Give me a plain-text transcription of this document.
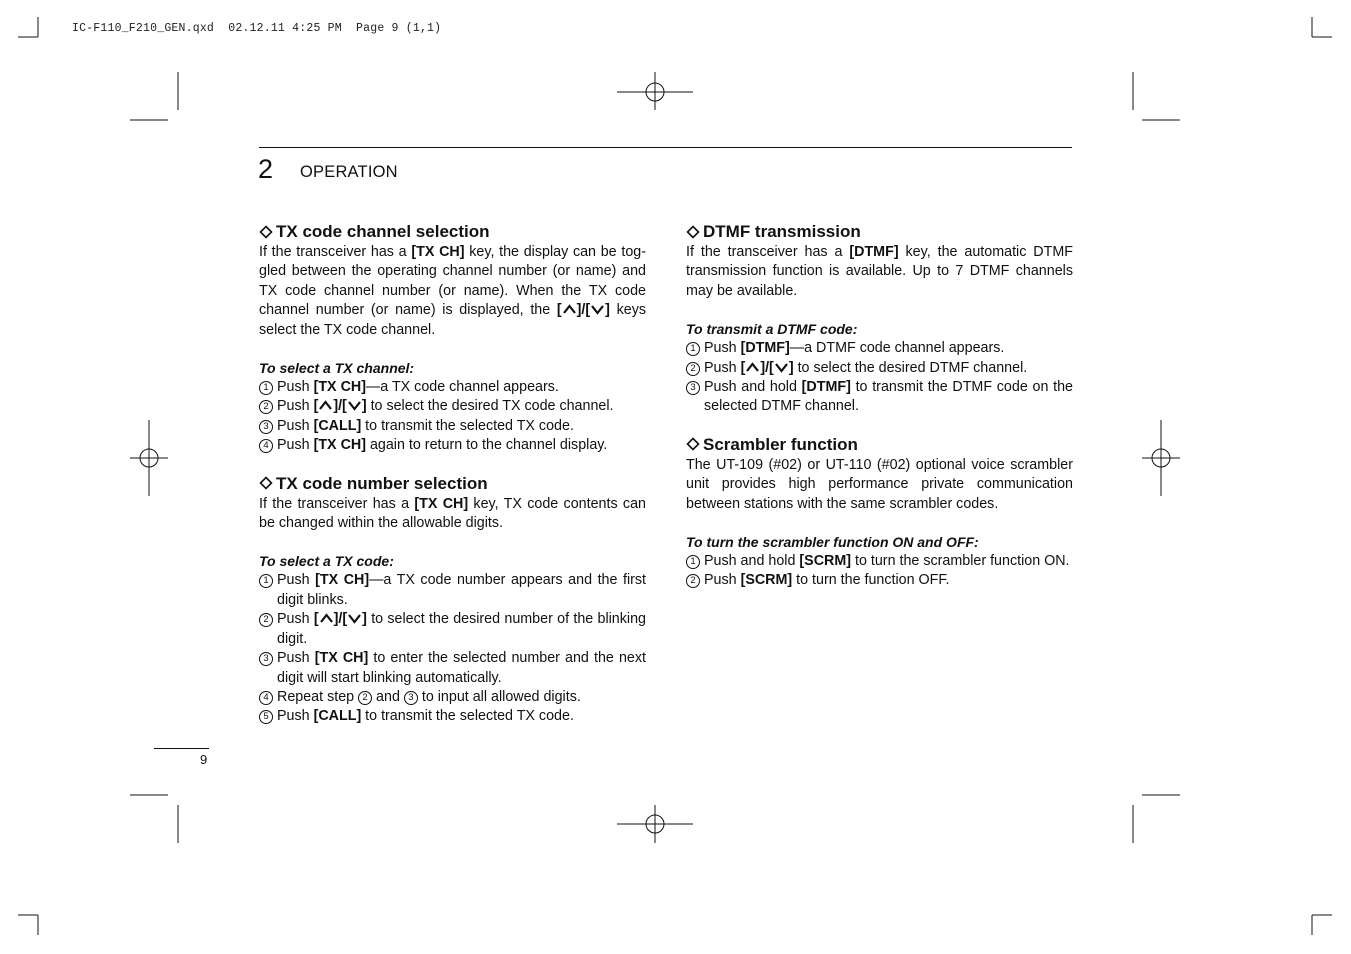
IC-F110_F210_GEN.qxd  02.12.11 4:25 PM  Page 9 (1,1)
2 OPERATION
TX code channel selection

If the transceiver has a [TX CH] key, the display can be toggled between the operating channel number (or name) and TX code channel number (or name). When the TX code channel number (or name) is displayed, the [ ]/[ ] keys select the TX code channel.

To select a TX channel:
1 Push [TX CH]—a TX code channel appears.
2 Push [ ]/[ ] to select the desired TX code channel.
3 Push [CALL] to transmit the selected TX code.
4 Push [TX CH] again to return to the channel display.
TX code number selection

If the transceiver has a [TX CH] key, TX code contents can be changed within the allowable digits.

To select a TX code:
1 Push [TX CH]—a TX code number appears and the first digit blinks.
2 Push [ ]/[ ] to select the desired number of the blinking digit.
3 Push [TX CH] to enter the selected number and the next digit will start blinking automatically.
4 Repeat step 2 and 3 to input all allowed digits.
5 Push [CALL] to transmit the selected TX code.
DTMF transmission

If the transceiver has a [DTMF] key, the automatic DTMF transmission function is available. Up to 7 DTMF channels may be available.

To transmit a DTMF code:
1 Push [DTMF]—a DTMF code channel appears.
2 Push [ ]/[ ] to select the desired DTMF channel.
3 Push and hold [DTMF] to transmit the DTMF code on the selected DTMF channel.
Scrambler function

The UT-109 (#02) or UT-110 (#02) optional voice scrambler unit provides high performance private communication between stations with the same scrambler codes.

To turn the scrambler function ON and OFF:
1 Push and hold [SCRM] to turn the scrambler function ON.
2 Push [SCRM] to turn the function OFF.
9
